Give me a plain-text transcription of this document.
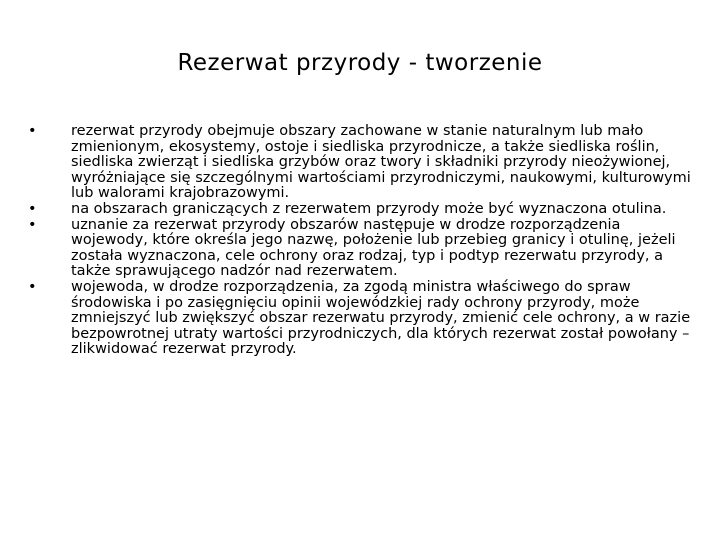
Rezerwat przyrody - tworzenie
• rezerwat przyrody obejmuje obszary zachowane w stanie naturalnym lub mało zmienionym, ekosystemy, ostoje i siedliska przyrodnicze, a także siedliska roślin, siedliska zwierząt i siedliska grzybów oraz twory i składniki przyrody nieożywionej, wyróżniające się szczególnymi wartościami przyrodniczymi, naukowymi, kulturowymi lub walorami krajobrazowymi.
• na obszarach graniczących z rezerwatem przyrody może być wyznaczona otulina.
• uznanie za rezerwat przyrody obszarów następuje w drodze rozporządzenia wojewody, które określa jego nazwę, położenie lub przebieg granicy i otulinę, jeżeli została wyznaczona, cele ochrony oraz rodzaj, typ i podtyp rezerwatu przyrody, a także sprawującego nadzór nad rezerwatem.
• wojewoda, w drodze rozporządzenia, za zgodą ministra właściwego do spraw środowiska i po zasięgnięciu opinii wojewódzkiej rady ochrony przyrody, może zmniejszyć lub zwiększyć obszar rezerwatu przyrody, zmienić cele ochrony, a w razie bezpowrotnej utraty wartości przyrodniczych, dla których rezerwat został powołany – zlikwidować rezerwat przyrody.
